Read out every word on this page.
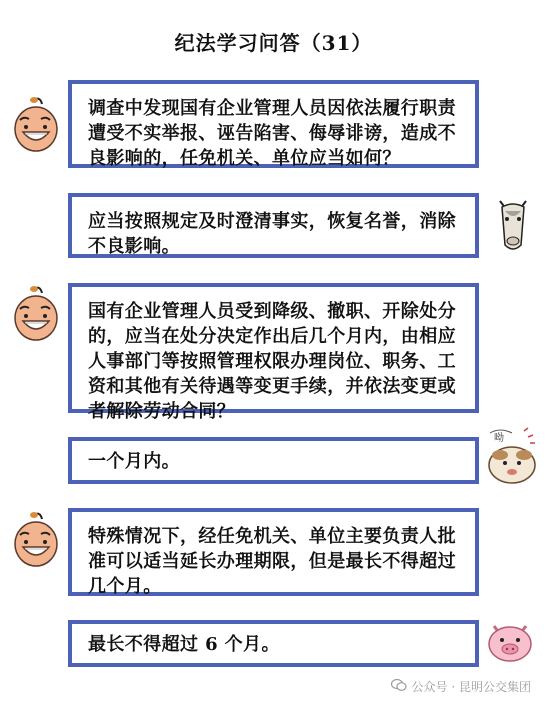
纪法学习问答（31）
调查中发现国有企业管理人员因依法履行职责遭受不实举报、诬告陷害、侮辱诽谤，造成不良影响的，任免机关、单位应当如何？
应当按照规定及时澄清事实，恢复名誉，消除不良影响。
国有企业管理人员受到降级、撤职、开除处分的，应当在处分决定作出后几个月内，由相应人事部门等按照管理权限办理岗位、职务、工资和其他有关待遇等变更手续，并依法变更或者解除劳动合同？
一个月内。
呦
特殊情况下，经任免机关、单位主要负责人批准可以适当延长办理期限，但是最长不得超过几个月。
最长不得超过 6 个月。
公众号 · 昆明公交集团
